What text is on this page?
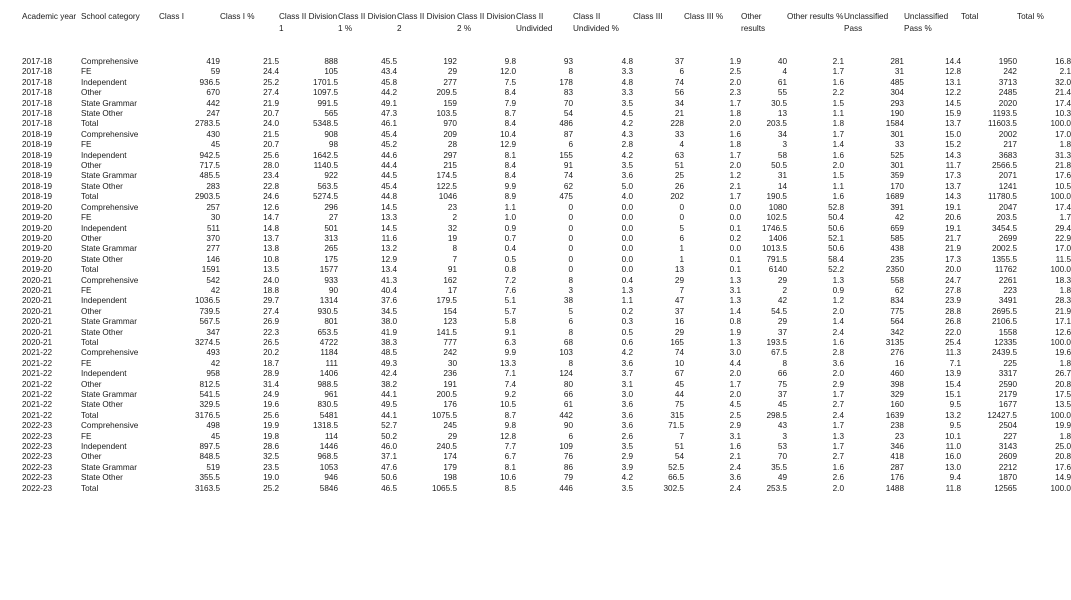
Academic year	School category	Class I	Class I %	Class II Division 1	Class II Division 1 %	Class II Division 2	Class II Division 2 %	Class II Undivided	Class II Undivided %	Class III	Class III %	Other results	Other results %	Unclassified Pass	Unclassified Pass %	Total	Total %

2017-18	Comprehensive	419	21.5	888	45.5	192	9.8	93	4.8	37	1.9	40	2.1	281	14.4	1950	16.8
2017-18	FE	59	24.4	105	43.4	29	12.0	8	3.3	6	2.5	4	1.7	31	12.8	242	2.1
2017-18	Independent	936.5	25.2	1701.5	45.8	277	7.5	178	4.8	74	2.0	61	1.6	485	13.1	3713	32.0
2017-18	Other	670	27.4	1097.5	44.2	209.5	8.4	83	3.3	56	2.3	55	2.2	304	12.2	2485	21.4
2017-18	State Grammar	442	21.9	991.5	49.1	159	7.9	70	3.5	34	1.7	30.5	1.5	293	14.5	2020	17.4
2017-18	State Other	247	20.7	565	47.3	103.5	8.7	54	4.5	21	1.8	13	1.1	190	15.9	1193.5	10.3
2017-18	Total	2783.5	24.0	5348.5	46.1	970	8.4	486	4.2	228	2.0	203.5	1.8	1584	13.7	11603.5	100.0
2018-19	Comprehensive	430	21.5	908	45.4	209	10.4	87	4.3	33	1.6	34	1.7	301	15.0	2002	17.0
2018-19	FE	45	20.7	98	45.2	28	12.9	6	2.8	4	1.8	3	1.4	33	15.2	217	1.8
2018-19	Independent	942.5	25.6	1642.5	44.6	297	8.1	155	4.2	63	1.7	58	1.6	525	14.3	3683	31.3
2018-19	Other	717.5	28.0	1140.5	44.4	215	8.4	91	3.5	51	2.0	50.5	2.0	301	11.7	2566.5	21.8
2018-19	State Grammar	485.5	23.4	922	44.5	174.5	8.4	74	3.6	25	1.2	31	1.5	359	17.3	2071	17.6
2018-19	State Other	283	22.8	563.5	45.4	122.5	9.9	62	5.0	26	2.1	14	1.1	170	13.7	1241	10.5
2018-19	Total	2903.5	24.6	5274.5	44.8	1046	8.9	475	4.0	202	1.7	190.5	1.6	1689	14.3	11780.5	100.0
2019-20	Comprehensive	257	12.6	296	14.5	23	1.1	0	0.0	0	0.0	1080	52.8	391	19.1	2047	17.4
2019-20	FE	30	14.7	27	13.3	2	1.0	0	0.0	0	0.0	102.5	50.4	42	20.6	203.5	1.7
2019-20	Independent	511	14.8	501	14.5	32	0.9	0	0.0	5	0.1	1746.5	50.6	659	19.1	3454.5	29.4
2019-20	Other	370	13.7	313	11.6	19	0.7	0	0.0	6	0.2	1406	52.1	585	21.7	2699	22.9
2019-20	State Grammar	277	13.8	265	13.2	8	0.4	0	0.0	1	0.0	1013.5	50.6	438	21.9	2002.5	17.0
2019-20	State Other	146	10.8	175	12.9	7	0.5	0	0.0	1	0.1	791.5	58.4	235	17.3	1355.5	11.5
2019-20	Total	1591	13.5	1577	13.4	91	0.8	0	0.0	13	0.1	6140	52.2	2350	20.0	11762	100.0
2020-21	Comprehensive	542	24.0	933	41.3	162	7.2	8	0.4	29	1.3	29	1.3	558	24.7	2261	18.3
2020-21	FE	42	18.8	90	40.4	17	7.6	3	1.3	7	3.1	2	0.9	62	27.8	223	1.8
2020-21	Independent	1036.5	29.7	1314	37.6	179.5	5.1	38	1.1	47	1.3	42	1.2	834	23.9	3491	28.3
2020-21	Other	739.5	27.4	930.5	34.5	154	5.7	5	0.2	37	1.4	54.5	2.0	775	28.8	2695.5	21.9
2020-21	State Grammar	567.5	26.9	801	38.0	123	5.8	6	0.3	16	0.8	29	1.4	564	26.8	2106.5	17.1
2020-21	State Other	347	22.3	653.5	41.9	141.5	9.1	8	0.5	29	1.9	37	2.4	342	22.0	1558	12.6
2020-21	Total	3274.5	26.5	4722	38.3	777	6.3	68	0.6	165	1.3	193.5	1.6	3135	25.4	12335	100.0
2021-22	Comprehensive	493	20.2	1184	48.5	242	9.9	103	4.2	74	3.0	67.5	2.8	276	11.3	2439.5	19.6
2021-22	FE	42	18.7	111	49.3	30	13.3	8	3.6	10	4.4	8	3.6	16	7.1	225	1.8
2021-22	Independent	958	28.9	1406	42.4	236	7.1	124	3.7	67	2.0	66	2.0	460	13.9	3317	26.7
2021-22	Other	812.5	31.4	988.5	38.2	191	7.4	80	3.1	45	1.7	75	2.9	398	15.4	2590	20.8
2021-22	State Grammar	541.5	24.9	961	44.1	200.5	9.2	66	3.0	44	2.0	37	1.7	329	15.1	2179	17.5
2021-22	State Other	329.5	19.6	830.5	49.5	176	10.5	61	3.6	75	4.5	45	2.7	160	9.5	1677	13.5
2021-22	Total	3176.5	25.6	5481	44.1	1075.5	8.7	442	3.6	315	2.5	298.5	2.4	1639	13.2	12427.5	100.0
2022-23	Comprehensive	498	19.9	1318.5	52.7	245	9.8	90	3.6	71.5	2.9	43	1.7	238	9.5	2504	19.9
2022-23	FE	45	19.8	114	50.2	29	12.8	6	2.6	7	3.1	3	1.3	23	10.1	227	1.8
2022-23	Independent	897.5	28.6	1446	46.0	240.5	7.7	109	3.5	51	1.6	53	1.7	346	11.0	3143	25.0
2022-23	Other	848.5	32.5	968.5	37.1	174	6.7	76	2.9	54	2.1	70	2.7	418	16.0	2609	20.8
2022-23	State Grammar	519	23.5	1053	47.6	179	8.1	86	3.9	52.5	2.4	35.5	1.6	287	13.0	2212	17.6
2022-23	State Other	355.5	19.0	946	50.6	198	10.6	79	4.2	66.5	3.6	49	2.6	176	9.4	1870	14.9
2022-23	Total	3163.5	25.2	5846	46.5	1065.5	8.5	446	3.5	302.5	2.4	253.5	2.0	1488	11.8	12565	100.0
